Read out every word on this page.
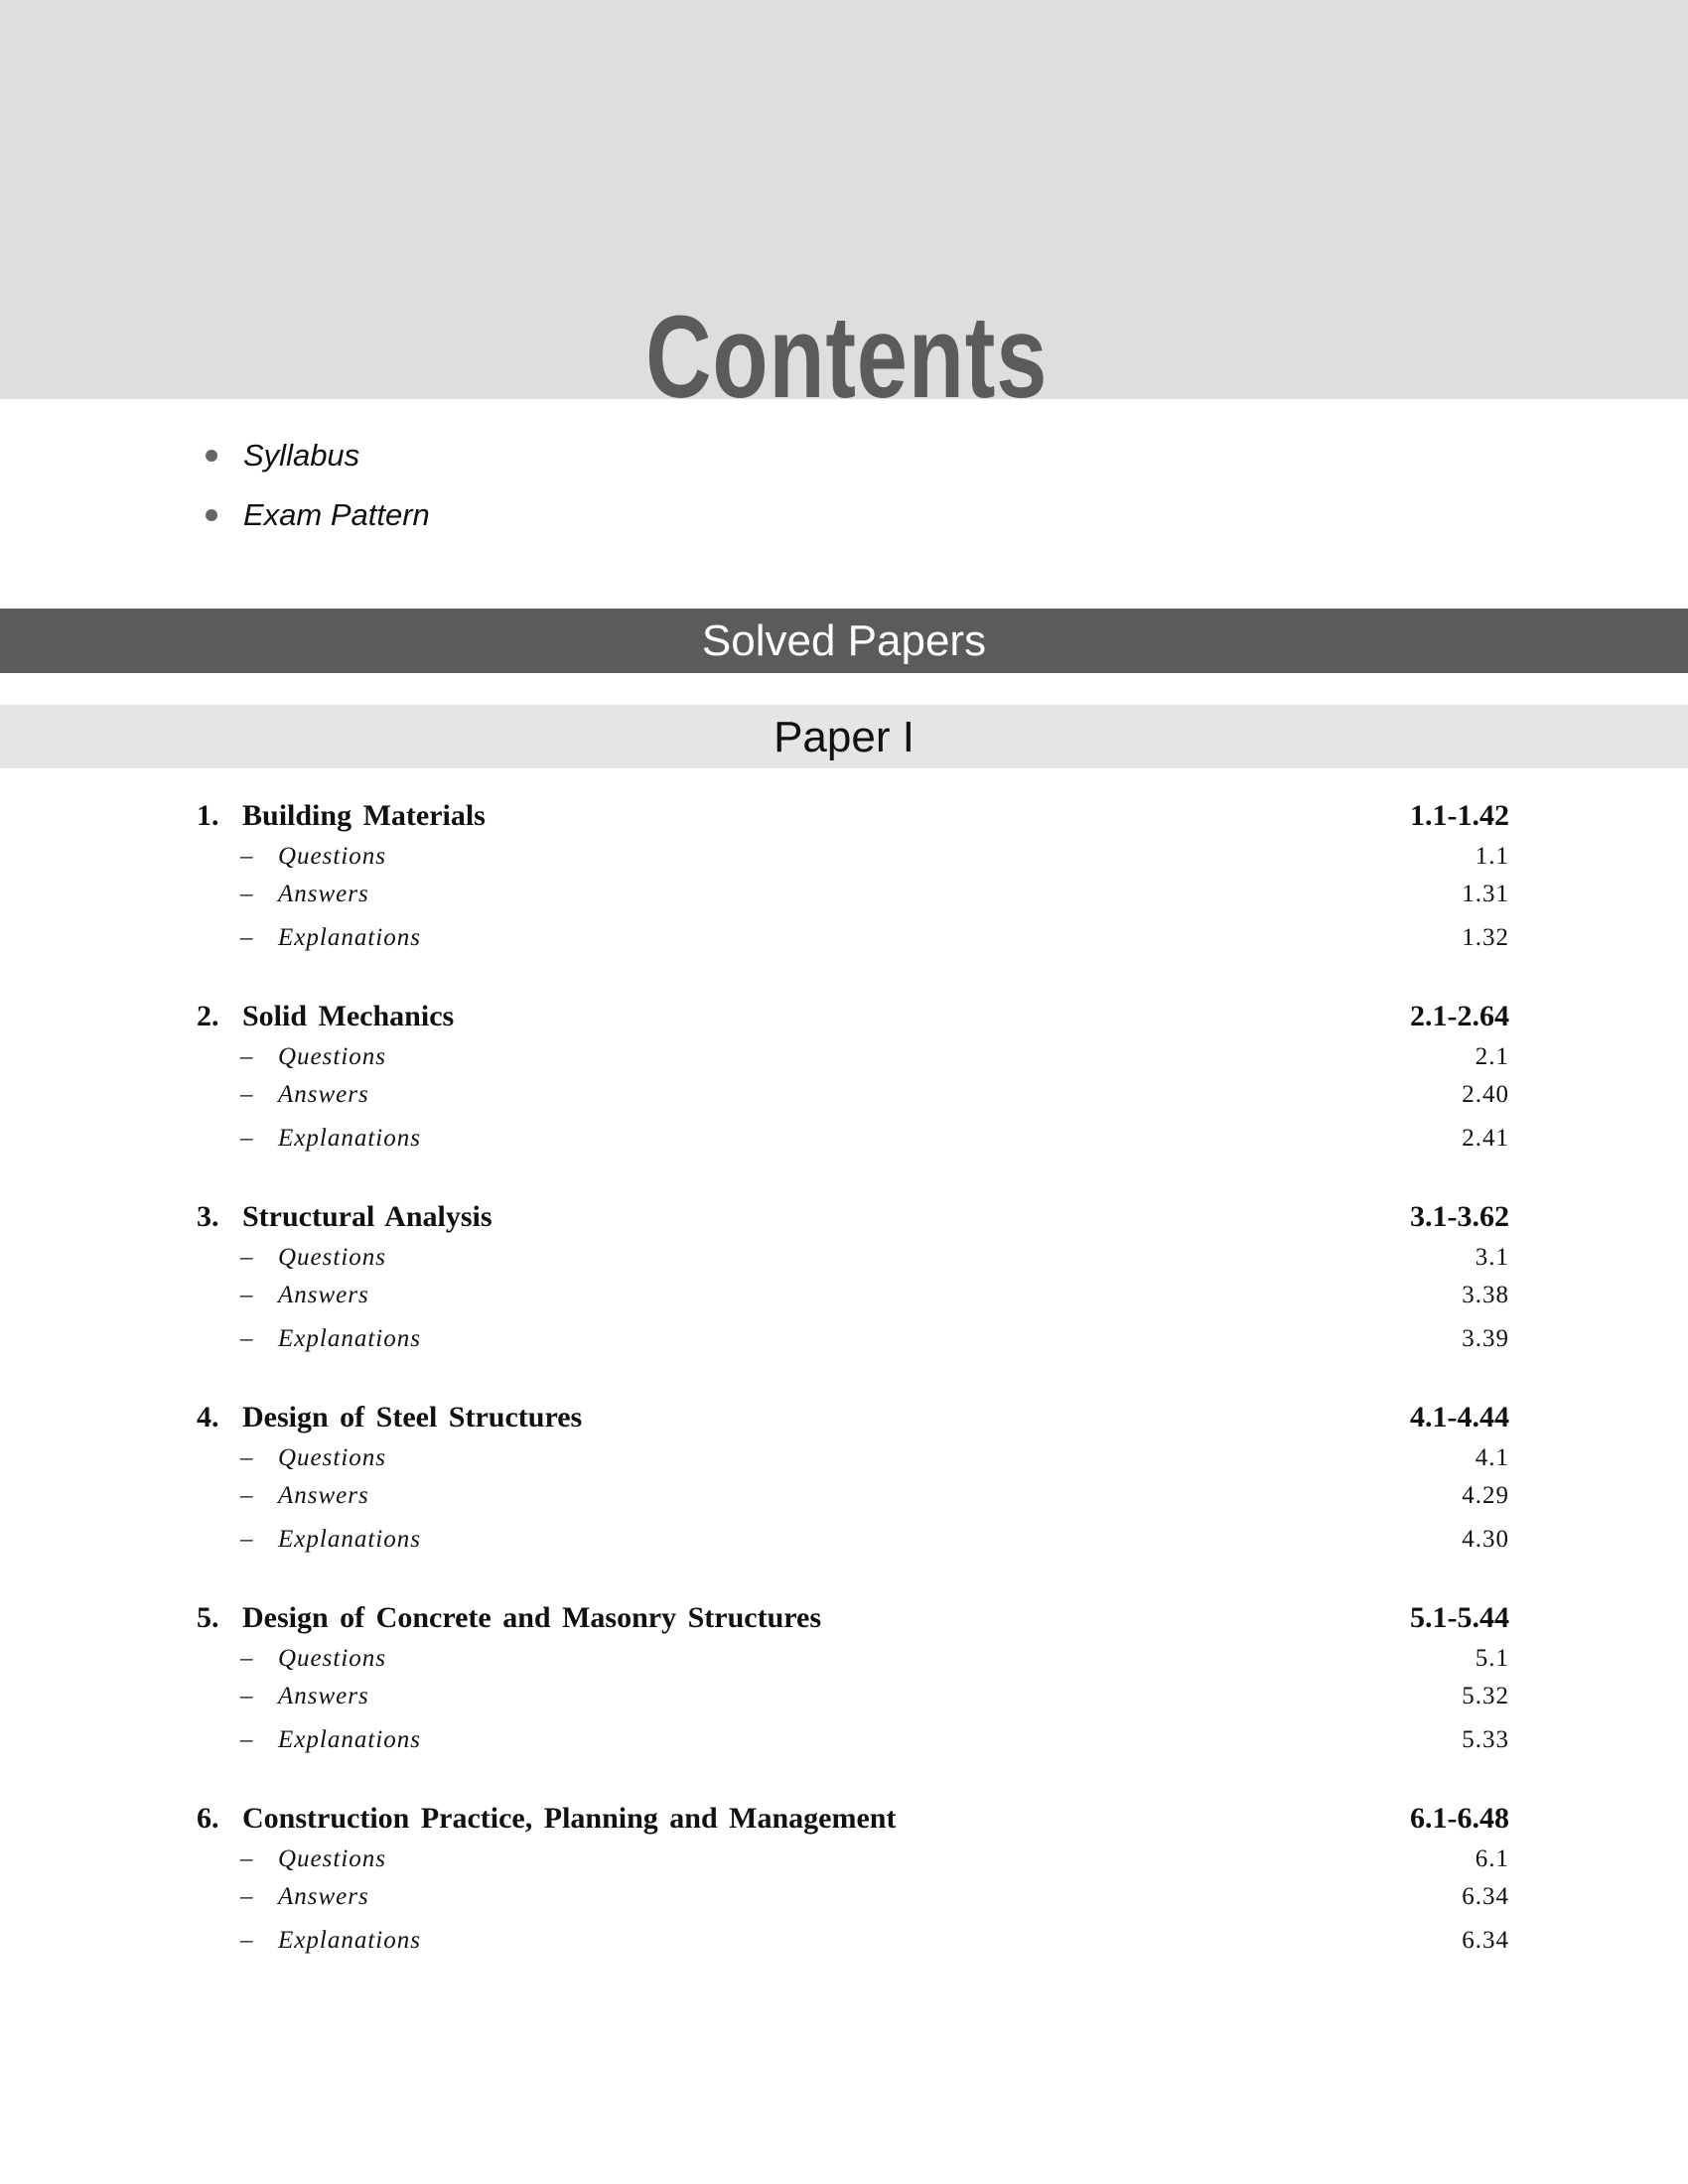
Contents
Syllabus
Exam Pattern
Solved Papers
Paper I
1. Building Materials	1.1-1.42
– Questions	1.1
– Answers	1.31
– Explanations	1.32
2. Solid Mechanics	2.1-2.64
– Questions	2.1
– Answers	2.40
– Explanations	2.41
3. Structural Analysis	3.1-3.62
– Questions	3.1
– Answers	3.38
– Explanations	3.39
4. Design of Steel Structures	4.1-4.44
– Questions	4.1
– Answers	4.29
– Explanations	4.30
5. Design of Concrete and Masonry Structures	5.1-5.44
– Questions	5.1
– Answers	5.32
– Explanations	5.33
6. Construction Practice, Planning and Management	6.1-6.48
– Questions	6.1
– Answers	6.34
– Explanations	6.34
